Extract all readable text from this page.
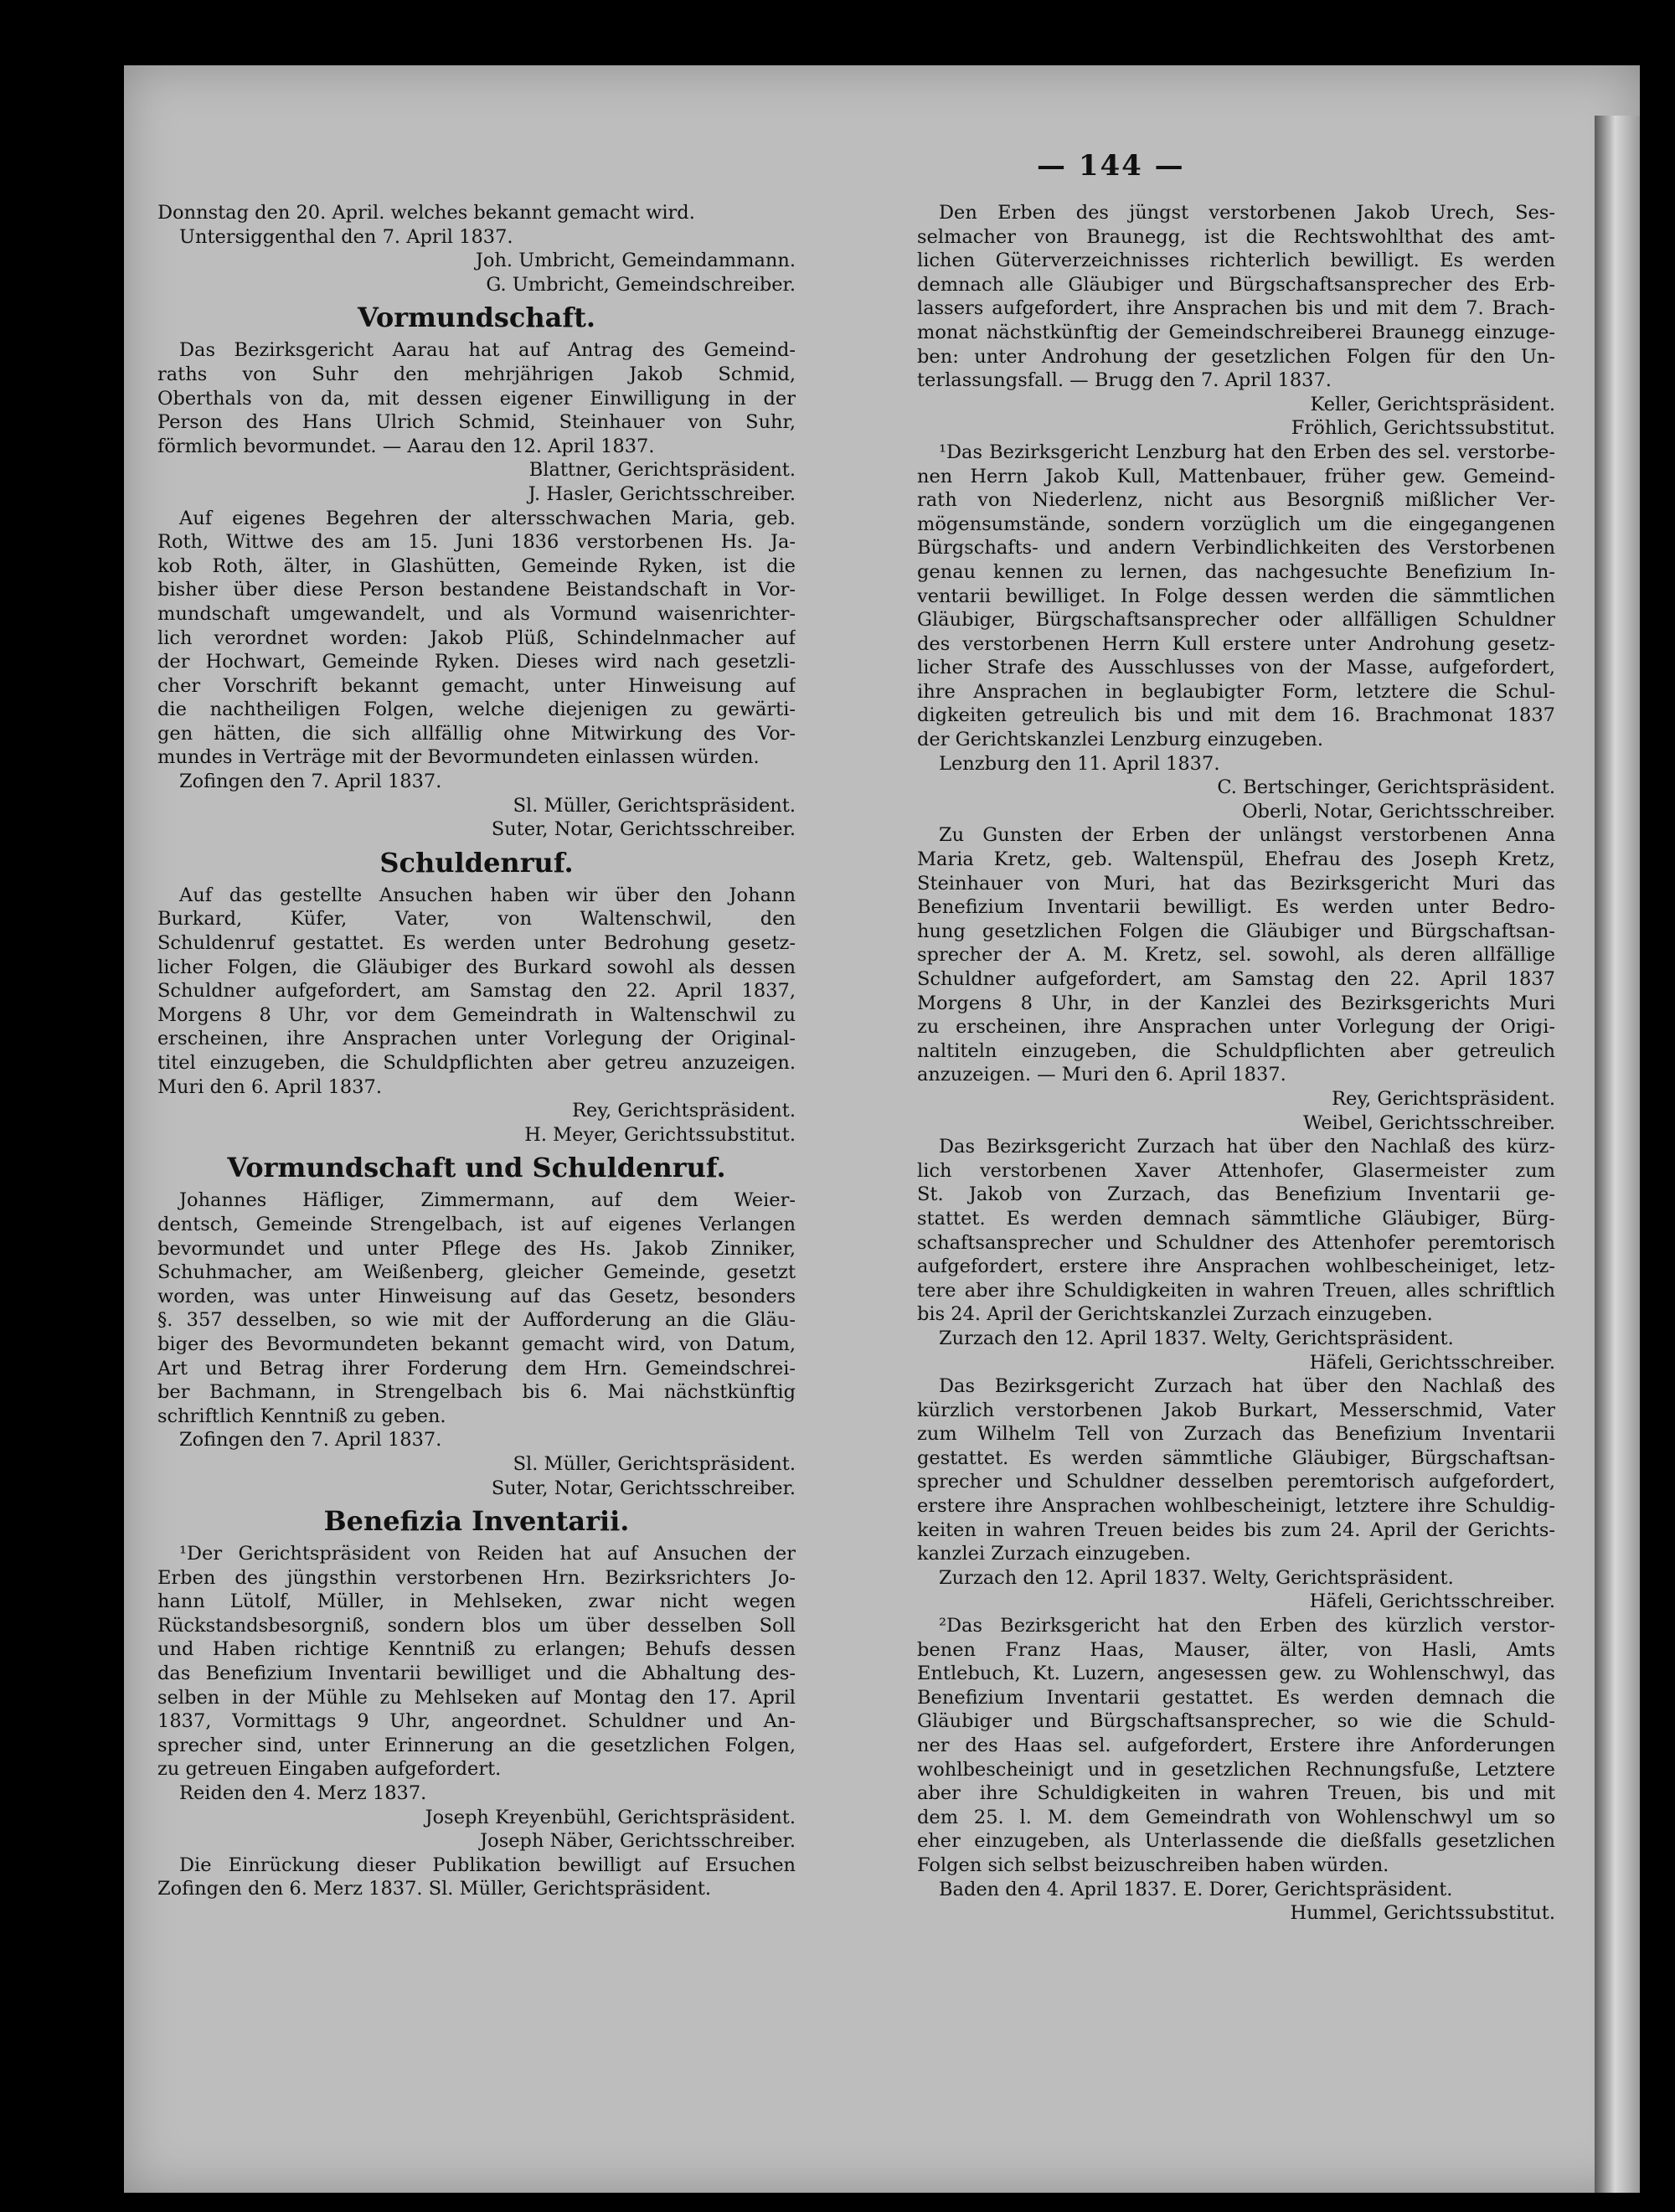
— 144 —
Donnstag den 20. April. welches bekannt gemacht wird.
Untersiggenthal den 7. April 1837.
Joh. Umbricht, Gemeindammann.
G. Umbricht, Gemeindschreiber.
Vormundschaft.
Das Bezirksgericht Aarau hat auf Antrag des Gemeind-
raths von Suhr den mehrjährigen Jakob Schmid,
Oberthals von da, mit dessen eigener Einwilligung in der
Person des Hans Ulrich Schmid, Steinhauer von Suhr,
förmlich bevormundet. — Aarau den 12. April 1837.
Blattner, Gerichtspräsident.
J. Hasler, Gerichtsschreiber.
Auf eigenes Begehren der altersschwachen Maria, geb.
Roth, Wittwe des am 15. Juni 1836 verstorbenen Hs. Ja-
kob Roth, älter, in Glashütten, Gemeinde Ryken, ist die
bisher über diese Person bestandene Beistandschaft in Vor-
mundschaft umgewandelt, und als Vormund waisenrichter-
lich verordnet worden: Jakob Plüß, Schindelnmacher auf
der Hochwart, Gemeinde Ryken. Dieses wird nach gesetzli-
cher Vorschrift bekannt gemacht, unter Hinweisung auf
die nachtheiligen Folgen, welche diejenigen zu gewärti-
gen hätten, die sich allfällig ohne Mitwirkung des Vor-
mundes in Verträge mit der Bevormundeten einlassen würden.
Zofingen den 7. April 1837.
Sl. Müller, Gerichtspräsident.
Suter, Notar, Gerichtsschreiber.
Schuldenruf.
Auf das gestellte Ansuchen haben wir über den Johann
Burkard, Küfer, Vater, von Waltenschwil, den
Schuldenruf gestattet. Es werden unter Bedrohung gesetz-
licher Folgen, die Gläubiger des Burkard sowohl als dessen
Schuldner aufgefordert, am Samstag den 22. April 1837,
Morgens 8 Uhr, vor dem Gemeindrath in Waltenschwil zu
erscheinen, ihre Ansprachen unter Vorlegung der Original-
titel einzugeben, die Schuldpflichten aber getreu anzuzeigen.
Muri den 6. April 1837.
Rey, Gerichtspräsident.
H. Meyer, Gerichtssubstitut.
Vormundschaft und Schuldenruf.
Johannes Häfliger, Zimmermann, auf dem Weier-
dentsch, Gemeinde Strengelbach, ist auf eigenes Verlangen
bevormundet und unter Pflege des Hs. Jakob Zinniker,
Schuhmacher, am Weißenberg, gleicher Gemeinde, gesetzt
worden, was unter Hinweisung auf das Gesetz, besonders
§. 357 desselben, so wie mit der Aufforderung an die Gläu-
biger des Bevormundeten bekannt gemacht wird, von Datum,
Art und Betrag ihrer Forderung dem Hrn. Gemeindschrei-
ber Bachmann, in Strengelbach bis 6. Mai nächstkünftig
schriftlich Kenntniß zu geben.
Zofingen den 7. April 1837.
Sl. Müller, Gerichtspräsident.
Suter, Notar, Gerichtsschreiber.
Benefizia Inventarii.
¹Der Gerichtspräsident von Reiden hat auf Ansuchen der
Erben des jüngsthin verstorbenen Hrn. Bezirksrichters Jo-
hann Lütolf, Müller, in Mehlseken, zwar nicht wegen
Rückstandsbesorgniß, sondern blos um über desselben Soll
und Haben richtige Kenntniß zu erlangen; Behufs dessen
das Benefizium Inventarii bewilliget und die Abhaltung des-
selben in der Mühle zu Mehlseken auf Montag den 17. April
1837, Vormittags 9 Uhr, angeordnet. Schuldner und An-
sprecher sind, unter Erinnerung an die gesetzlichen Folgen,
zu getreuen Eingaben aufgefordert.
Reiden den 4. Merz 1837.
Joseph Kreyenbühl, Gerichtspräsident.
Joseph Näber, Gerichtsschreiber.
Die Einrückung dieser Publikation bewilligt auf Ersuchen
Zofingen den 6. Merz 1837. Sl. Müller, Gerichtspräsident.
Den Erben des jüngst verstorbenen Jakob Urech, Ses-
selmacher von Braunegg, ist die Rechtswohlthat des amt-
lichen Güterverzeichnisses richterlich bewilligt. Es werden
demnach alle Gläubiger und Bürgschaftsansprecher des Erb-
lassers aufgefordert, ihre Ansprachen bis und mit dem 7. Brach-
monat nächstkünftig der Gemeindschreiberei Braunegg einzuge-
ben: unter Androhung der gesetzlichen Folgen für den Un-
terlassungsfall. — Brugg den 7. April 1837.
Keller, Gerichtspräsident.
Fröhlich, Gerichtssubstitut.
¹Das Bezirksgericht Lenzburg hat den Erben des sel. verstorbe-
nen Herrn Jakob Kull, Mattenbauer, früher gew. Gemeind-
rath von Niederlenz, nicht aus Besorgniß mißlicher Ver-
mögensumstände, sondern vorzüglich um die eingegangenen
Bürgschafts- und andern Verbindlichkeiten des Verstorbenen
genau kennen zu lernen, das nachgesuchte Benefizium In-
ventarii bewilliget. In Folge dessen werden die sämmtlichen
Gläubiger, Bürgschaftsansprecher oder allfälligen Schuldner
des verstorbenen Herrn Kull erstere unter Androhung gesetz-
licher Strafe des Ausschlusses von der Masse, aufgefordert,
ihre Ansprachen in beglaubigter Form, letztere die Schul-
digkeiten getreulich bis und mit dem 16. Brachmonat 1837
der Gerichtskanzlei Lenzburg einzugeben.
Lenzburg den 11. April 1837.
C. Bertschinger, Gerichtspräsident.
Oberli, Notar, Gerichtsschreiber.
Zu Gunsten der Erben der unlängst verstorbenen Anna
Maria Kretz, geb. Waltenspül, Ehefrau des Joseph Kretz,
Steinhauer von Muri, hat das Bezirksgericht Muri das
Benefizium Inventarii bewilligt. Es werden unter Bedro-
hung gesetzlichen Folgen die Gläubiger und Bürgschaftsan-
sprecher der A. M. Kretz, sel. sowohl, als deren allfällige
Schuldner aufgefordert, am Samstag den 22. April 1837
Morgens 8 Uhr, in der Kanzlei des Bezirksgerichts Muri
zu erscheinen, ihre Ansprachen unter Vorlegung der Origi-
naltiteln einzugeben, die Schuldpflichten aber getreulich
anzuzeigen. — Muri den 6. April 1837.
Rey, Gerichtspräsident.
Weibel, Gerichtsschreiber.
Das Bezirksgericht Zurzach hat über den Nachlaß des kürz-
lich verstorbenen Xaver Attenhofer, Glasermeister zum
St. Jakob von Zurzach, das Benefizium Inventarii ge-
stattet. Es werden demnach sämmtliche Gläubiger, Bürg-
schaftsansprecher und Schuldner des Attenhofer peremtorisch
aufgefordert, erstere ihre Ansprachen wohlbescheiniget, letz-
tere aber ihre Schuldigkeiten in wahren Treuen, alles schriftlich
bis 24. April der Gerichtskanzlei Zurzach einzugeben.
Zurzach den 12. April 1837. Welty, Gerichtspräsident.
Häfeli, Gerichtsschreiber.
Das Bezirksgericht Zurzach hat über den Nachlaß des
kürzlich verstorbenen Jakob Burkart, Messerschmid, Vater
zum Wilhelm Tell von Zurzach das Benefizium Inventarii
gestattet. Es werden sämmtliche Gläubiger, Bürgschaftsan-
sprecher und Schuldner desselben peremtorisch aufgefordert,
erstere ihre Ansprachen wohlbescheinigt, letztere ihre Schuldig-
keiten in wahren Treuen beides bis zum 24. April der Gerichts-
kanzlei Zurzach einzugeben.
Zurzach den 12. April 1837. Welty, Gerichtspräsident.
Häfeli, Gerichtsschreiber.
²Das Bezirksgericht hat den Erben des kürzlich verstor-
benen Franz Haas, Mauser, älter, von Hasli, Amts
Entlebuch, Kt. Luzern, angesessen gew. zu Wohlenschwyl, das
Benefizium Inventarii gestattet. Es werden demnach die
Gläubiger und Bürgschaftsansprecher, so wie die Schuld-
ner des Haas sel. aufgefordert, Erstere ihre Anforderungen
wohlbescheinigt und in gesetzlichen Rechnungsfuße, Letztere
aber ihre Schuldigkeiten in wahren Treuen, bis und mit
dem 25. l. M. dem Gemeindrath von Wohlenschwyl um so
eher einzugeben, als Unterlassende die dießfalls gesetzlichen
Folgen sich selbst beizuschreiben haben würden.
Baden den 4. April 1837. E. Dorer, Gerichtspräsident.
Hummel, Gerichtssubstitut.
